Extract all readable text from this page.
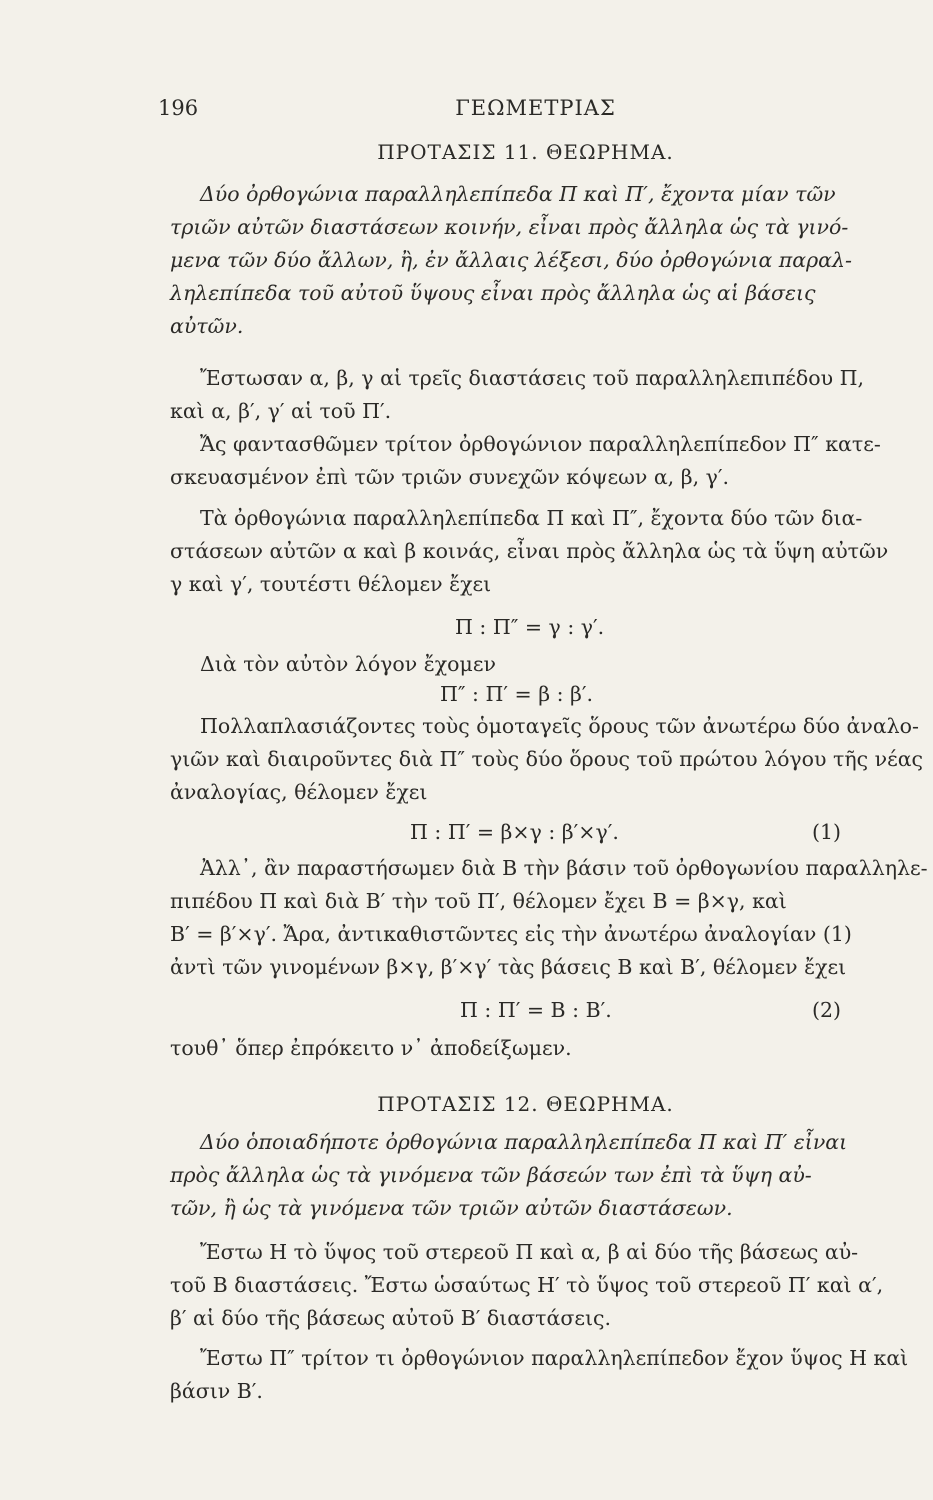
196	ΓΕΩΜΕΤΡΙΑΣ
ΠΡΟΤΑΣΙΣ 11. ΘΕΩΡΗΜΑ.
Δύο ὀρθογώνια παραλληλεπίπεδα Π καὶ Π′, ἔχοντα μίαν τῶν
τριῶν αὐτῶν διαστάσεων κοινήν, εἶναι πρὸς ἄλληλα ὡς τὰ γινό-
μενα τῶν δύο ἄλλων, ἢ, ἐν ἄλλαις λέξεσι, δύο ὀρθογώνια παραλ-
ληλεπίπεδα τοῦ αὐτοῦ ὕψους εἶναι πρὸς ἄλληλα ὡς αἱ βάσεις
αὐτῶν.
Ἔστωσαν α, β, γ αἱ τρεῖς διαστάσεις τοῦ παραλληλεπιπέδου Π,
καὶ α, β′, γ′ αἱ τοῦ Π′.
Ἄς φαντασθῶμεν τρίτον ὀρθογώνιον παραλληλεπίπεδον Π″ κατε-
σκευασμένον ἐπὶ τῶν τριῶν συνεχῶν κόψεων α, β, γ′.
Τὰ ὀρθογώνια παραλληλεπίπεδα Π καὶ Π″, ἔχοντα δύο τῶν δια-
στάσεων αὐτῶν α καὶ β κοινάς, εἶναι πρὸς ἄλληλα ὡς τὰ ὕψη αὐτῶν
γ καὶ γ′, τουτέστι θέλομεν ἔχει
Π : Π″ = γ : γ′.
Διὰ τὸν αὐτὸν λόγον ἔχομεν
Π″ : Π′ = β : β′.
Πολλαπλασιάζοντες τοὺς ὁμοταγεῖς ὅρους τῶν ἀνωτέρω δύο ἀναλο-
γιῶν καὶ διαιροῦντες διὰ Π″ τοὺς δύο ὅρους τοῦ πρώτου λόγου τῆς νέας
ἀναλογίας, θέλομεν ἔχει
Π : Π′ = β×γ : β′×γ′.	(1)
Ἀλλ᾽, ἂν παραστήσωμεν διὰ Β τὴν βάσιν τοῦ ὀρθογωνίου παραλληλε-
πιπέδου Π καὶ διὰ Β′ τὴν τοῦ Π′, θέλομεν ἔχει Β = β×γ, καὶ
Β′ = β′×γ′. Ἄρα, ἀντικαθιστῶντες εἰς τὴν ἀνωτέρω ἀναλογίαν (1)
ἀντὶ τῶν γινομένων β×γ, β′×γ′ τὰς βάσεις Β καὶ Β′, θέλομεν ἔχει
Π : Π′ = Β : Β′.	(2)
τουθ᾽ ὅπερ ἐπρόκειτο ν᾽ ἀποδείξωμεν.
ΠΡΟΤΑΣΙΣ 12. ΘΕΩΡΗΜΑ.
Δύο ὁποιαδήποτε ὀρθογώνια παραλληλεπίπεδα Π καὶ Π′ εἶναι
πρὸς ἄλληλα ὡς τὰ γινόμενα τῶν βάσεών των ἐπὶ τὰ ὕψη αὐ-
τῶν, ἢ ὡς τὰ γινόμενα τῶν τριῶν αὐτῶν διαστάσεων.
Ἔστω Η τὸ ὕψος τοῦ στερεοῦ Π καὶ α, β αἱ δύο τῆς βάσεως αὐ-
τοῦ Β διαστάσεις. Ἔστω ὡσαύτως Η′ τὸ ὕψος τοῦ στερεοῦ Π′ καὶ α′,
β′ αἱ δύο τῆς βάσεως αὐτοῦ Β′ διαστάσεις.
Ἔστω Π″ τρίτον τι ὀρθογώνιον παραλληλεπίπεδον ἔχον ὕψος Η καὶ
βάσιν Β′.
